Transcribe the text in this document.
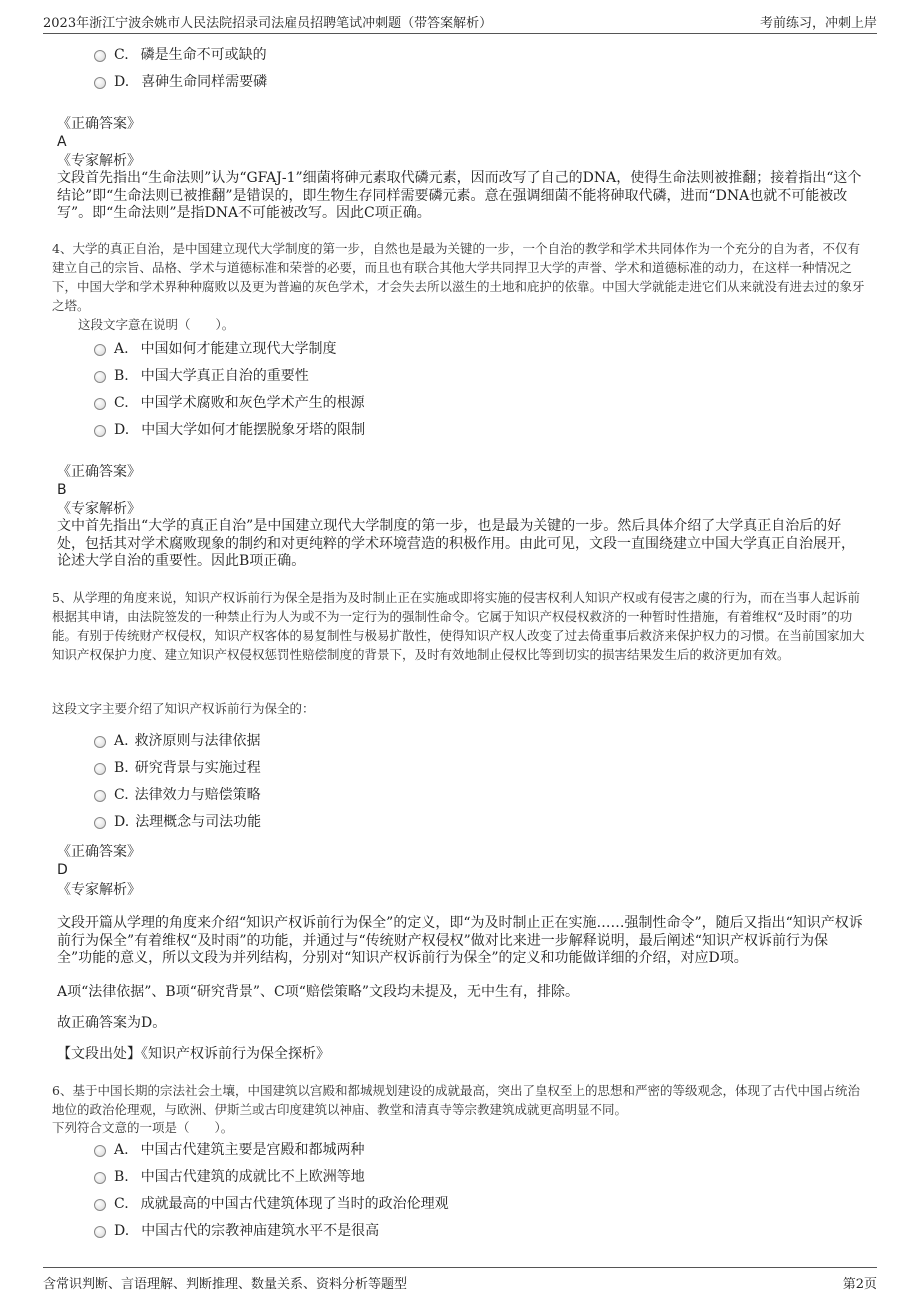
2023年浙江宁波余姚市人民法院招录司法雇员招聘笔试冲刺题（带答案解析）	考前练习，冲刺上岸
C. 磷是生命不可或缺的
D. 喜砷生命同样需要磷
《正确答案》
A
《专家解析》
文段首先指出“生命法则”认为“GFAJ-1”细菌将砷元素取代磷元素，因而改写了自己的DNA，使得生命法则被推翻；接着指出“这个结论”即“生命法则已被推翻”是错误的，即生物生存同样需要磷元素。意在强调细菌不能将砷取代磷，进而“DNA也就不可能被改写”。即“生命法则”是指DNA不可能被改写。因此C项正确。
4、大学的真正自治，是中国建立现代大学制度的第一步，自然也是最为关键的一步，一个自治的教学和学术共同体作为一个充分的自为者，不仅有建立自己的宗旨、品格、学术与道德标准和荣誉的必要，而且也有联合其他大学共同捍卫大学的声誉、学术和道德标准的动力，在这样一种情况之下，中国大学和学术界种种腐败以及更为普遍的灰色学术，才会失去所以滋生的土地和庇护的依靠。中国大学就能走进它们从来就没有进去过的象牙之塔。
这段文字意在说明（　　）。
A. 中国如何才能建立现代大学制度
B. 中国大学真正自治的重要性
C. 中国学术腐败和灰色学术产生的根源
D. 中国大学如何才能摆脱象牙塔的限制
《正确答案》
B
《专家解析》
文中首先指出“大学的真正自治”是中国建立现代大学制度的第一步，也是最为关键的一步。然后具体介绍了大学真正自治后的好处，包括其对学术腐败现象的制约和对更纯粹的学术环境营造的积极作用。由此可见，文段一直围绕建立中国大学真正自治展开，论述大学自治的重要性。因此B项正确。
5、从学理的角度来说，知识产权诉前行为保全是指为及时制止正在实施或即将实施的侵害权利人知识产权或有侵害之虞的行为，而在当事人起诉前根据其申请，由法院签发的一种禁止行为人为或不为一定行为的强制性命令。它属于知识产权侵权救济的一种暂时性措施，有着维权“及时雨”的功能。有别于传统财产权侵权，知识产权客体的易复制性与极易扩散性，使得知识产权人改变了过去倚重事后救济来保护权力的习惯。在当前国家加大知识产权保护力度、建立知识产权侵权惩罚性赔偿制度的背景下，及时有效地制止侵权比等到切实的损害结果发生后的救济更加有效。
这段文字主要介绍了知识产权诉前行为保全的：
A. 救济原则与法律依据
B. 研究背景与实施过程
C. 法律效力与赔偿策略
D. 法理概念与司法功能
《正确答案》
D
《专家解析》
文段开篇从学理的角度来介绍“知识产权诉前行为保全”的定义，即“为及时制止正在实施……强制性命令”，随后又指出“知识产权诉前行为保全”有着维权“及时雨”的功能，并通过与“传统财产权侵权”做对比来进一步解释说明，最后阐述“知识产权诉前行为保全”功能的意义，所以文段为并列结构，分别对“知识产权诉前行为保全”的定义和功能做详细的介绍，对应D项。
A项“法律依据”、B项“研究背景”、C项“赔偿策略”文段均未提及，无中生有，排除。
故正确答案为D。
【文段出处】《知识产权诉前行为保全探析》
6、基于中国长期的宗法社会土壤，中国建筑以宫殿和都城规划建设的成就最高，突出了皇权至上的思想和严密的等级观念，体现了古代中国占统治地位的政治伦理观，与欧洲、伊斯兰或古印度建筑以神庙、教堂和清真寺等宗教建筑成就更高明显不同。
下列符合文意的一项是（　　）。
A. 中国古代建筑主要是宫殿和都城两种
B. 中国古代建筑的成就比不上欧洲等地
C. 成就最高的中国古代建筑体现了当时的政治伦理观
D. 中国古代的宗教神庙建筑水平不是很高
含常识判断、言语理解、判断推理、数量关系、资料分析等题型	第2页
